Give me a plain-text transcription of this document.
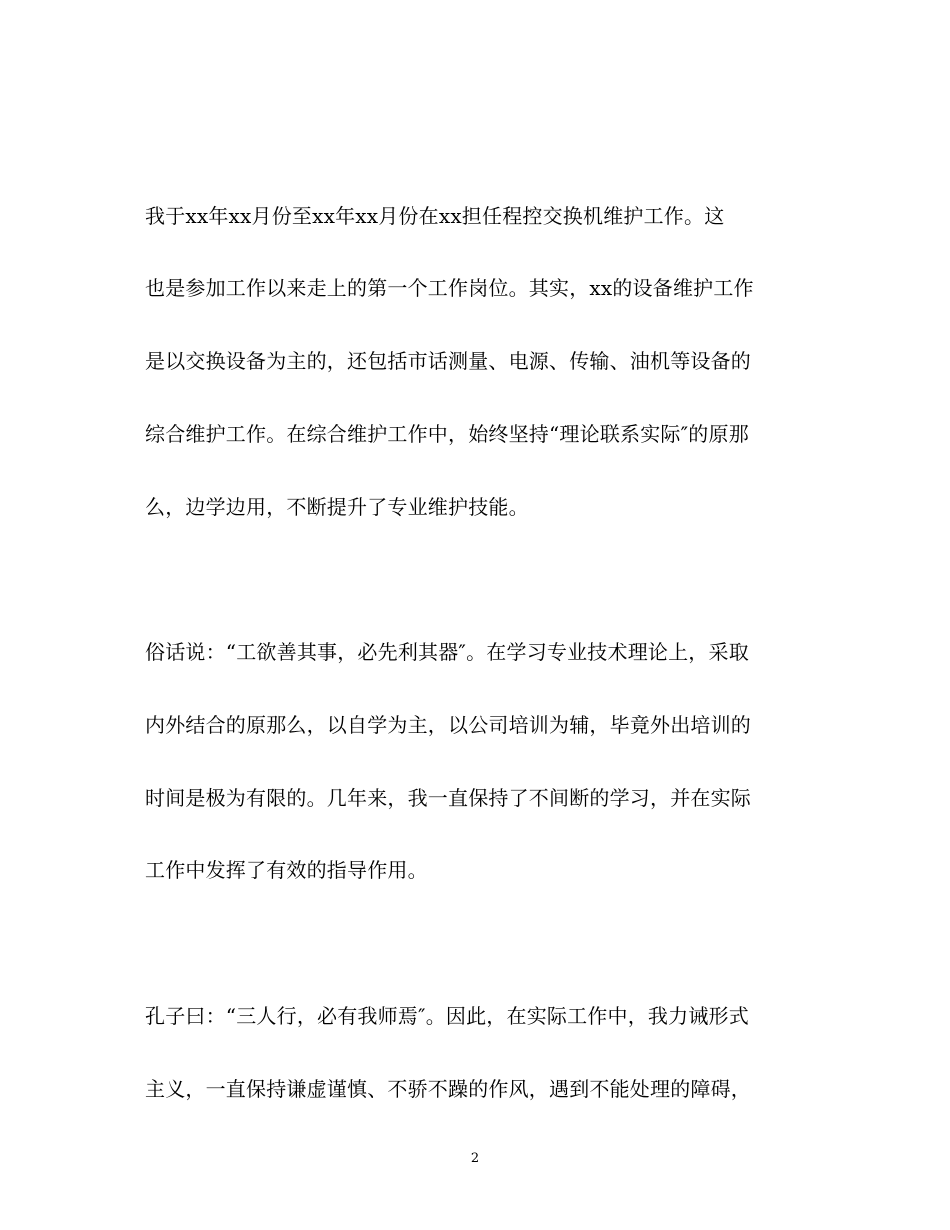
我于xx年xx月份至xx年xx月份在xx担任程控交换机维护工作。这
也是参加工作以来走上的第一个工作岗位。其实，xx的设备维护工作
是以交换设备为主的，还包括市话测量、电源、传输、油机等设备的
综合维护工作。在综合维护工作中，始终坚持“理论联系实际″的原那
么，边学边用，不断提升了专业维护技能。
俗话说：“工欲善其事，必先利其器″。在学习专业技术理论上，采取
内外结合的原那么，以自学为主，以公司培训为辅，毕竟外出培训的
时间是极为有限的。几年来，我一直保持了不间断的学习，并在实际
工作中发挥了有效的指导作用。
孔子曰：“三人行，必有我师焉″。因此，在实际工作中，我力诫形式
主义，一直保持谦虚谨慎、不骄不躁的作风，遇到不能处理的障碍，
2
